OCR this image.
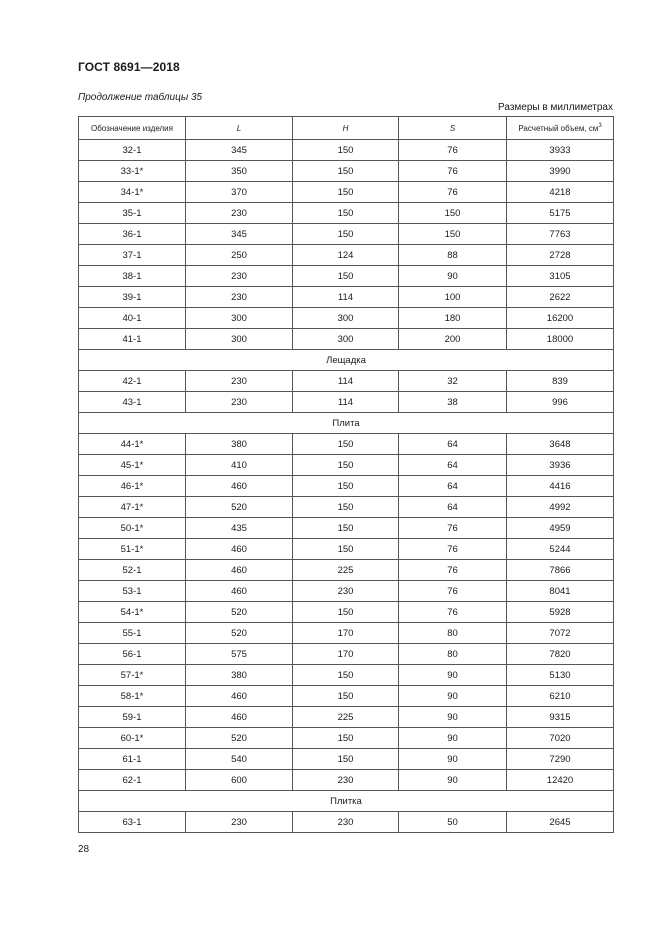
ГОСТ 8691—2018
Продолжение таблицы 35
Размеры в миллиметрах
Обозначение изделия	L	H	S	Расчетный объем, $см^3$
32-1	345	150	76	3933
33-1*	350	150	76	3990
34-1*	370	150	76	4218
35-1	230	150	150	5175
36-1	345	150	150	7763
37-1	250	124	88	2728
38-1	230	150	90	3105
39-1	230	114	100	2622
40-1	300	300	180	16200
41-1	300	300	200	18000
Лещадка				
42-1	230	114	32	839
43-1	230	114	38	996
Плита				
44-1*	380	150	64	3648
45-1*	410	150	64	3936
46-1*	460	150	64	4416
47-1*	520	150	64	4992
50-1*	435	150	76	4959
51-1*	460	150	76	5244
52-1	460	225	76	7866
53-1	460	230	76	8041
54-1*	520	150	76	5928
55-1	520	170	80	7072
56-1	575	170	80	7820
57-1*	380	150	90	5130
58-1*	460	150	90	6210
59-1	460	225	90	9315
60-1*	520	150	90	7020
61-1	540	150	90	7290
62-1	600	230	90	12420
Плитка				
63-1	230	230	50	2645
28
